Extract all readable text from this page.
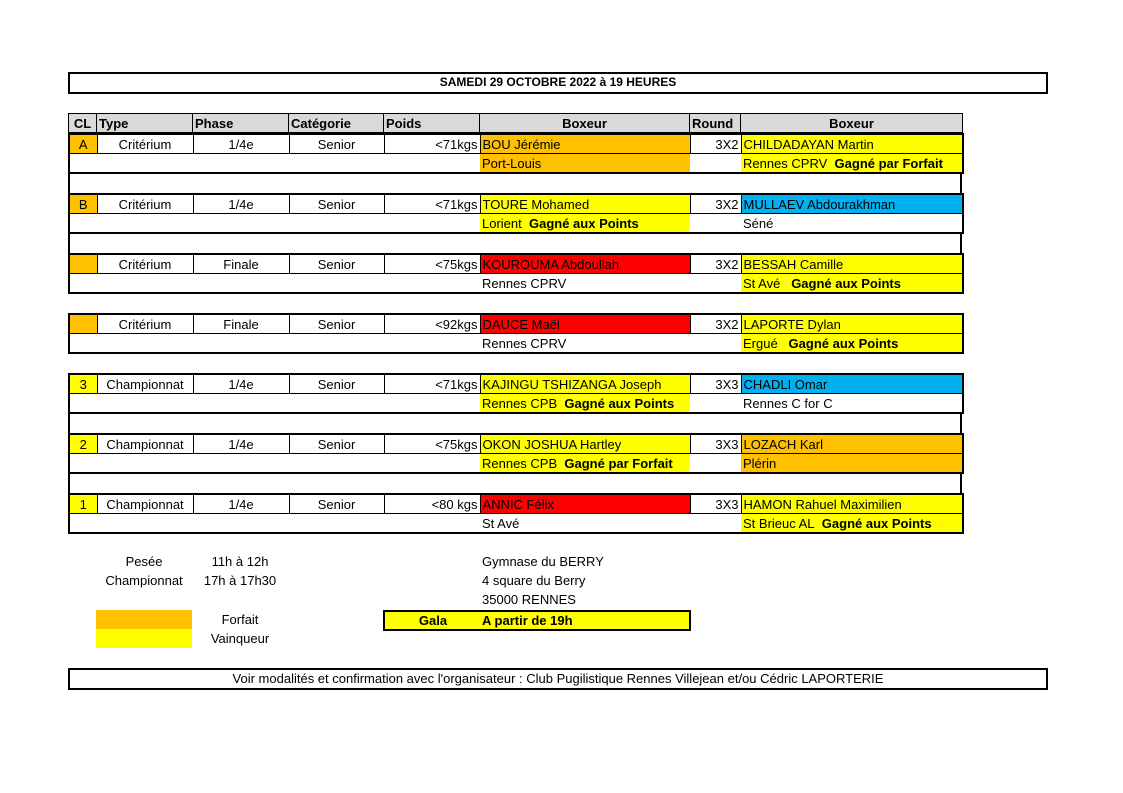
SAMEDI 29 OCTOBRE 2022 à 19 HEURES
CL	Type	Phase	Catégorie	Poids	Boxeur	Round	Boxeur
A	Critérium	1/4e	Senior	<71kgs	BOU Jérémie	3X2	CHILDADAYAN Martin
					Port-Louis		Rennes CPRV Gagné par Forfait
B	Critérium	1/4e	Senior	<71kgs	TOURE Mohamed	3X2	MULLAEV Abdourakhman
					Lorient Gagné aux Points		Séné
	Critérium	Finale	Senior	<75kgs	KOUROUMA Abdoullah	3X2	BESSAH Camille
					Rennes CPRV		St Avé Gagné aux Points
	Critérium	Finale	Senior	<92kgs	DAUCE Maël	3X2	LAPORTE Dylan
					Rennes CPRV		Ergué Gagné aux Points
3	Championnat	1/4e	Senior	<71kgs	KAJINGU TSHIZANGA Joseph	3X3	CHADLI Omar
					Rennes CPB Gagné aux Points		Rennes C for C
2	Championnat	1/4e	Senior	<75kgs	OKON JOSHUA Hartley	3X3	LOZACH Karl
					Rennes CPB Gagné par Forfait		Plérin
1	Championnat	1/4e	Senior	<80 kgs	ANNIC Félix	3X3	HAMON Rahuel Maximilien
					St Avé		St Brieuc AL Gagné aux Points
Pesée	11h à 12h
Championnat	17h à 17h30
Gymnase du BERRY
4 square du Berry
35000 RENNES
Forfait
Vainqueur
Gala	A partir de 19h
Voir modalités et confirmation avec l'organisateur : Club Pugilistique Rennes Villejean et/ou Cédric LAPORTERIE
